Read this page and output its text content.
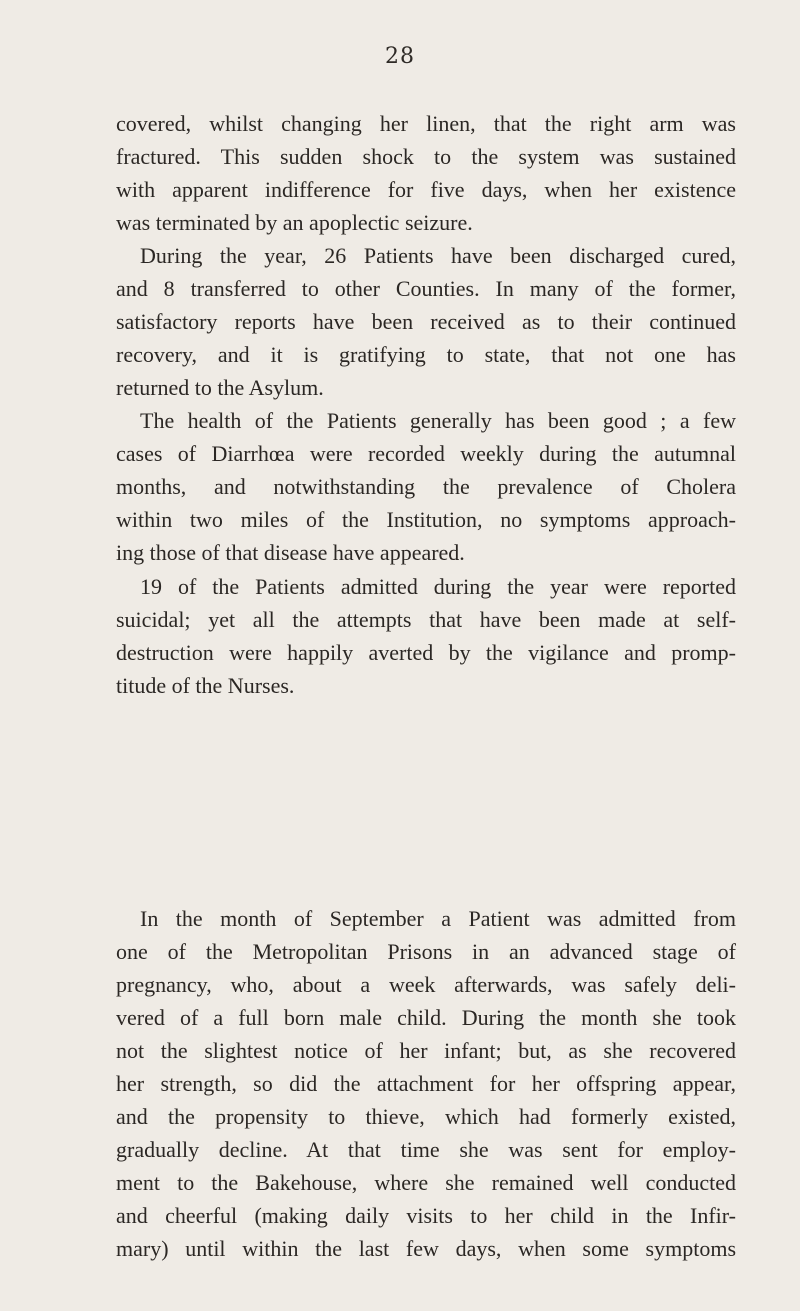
28
covered, whilst changing her linen, that the right arm was
fractured. This sudden shock to the system was sustained
with apparent indifference for five days, when her existence
was terminated by an apoplectic seizure.
During the year, 26 Patients have been discharged cured,
and 8 transferred to other Counties. In many of the former,
satisfactory reports have been received as to their continued
recovery, and it is gratifying to state, that not one has
returned to the Asylum.
The health of the Patients generally has been good ; a few
cases of Diarrhœa were recorded weekly during the autumnal
months, and notwithstanding the prevalence of Cholera
within two miles of the Institution, no symptoms approach-
ing those of that disease have appeared.
19 of the Patients admitted during the year were reported
suicidal; yet all the attempts that have been made at self-
destruction were happily averted by the vigilance and promp-
titude of the Nurses.
In the month of September a Patient was admitted from
one of the Metropolitan Prisons in an advanced stage of
pregnancy, who, about a week afterwards, was safely deli-
vered of a full born male child. During the month she took
not the slightest notice of her infant; but, as she recovered
her strength, so did the attachment for her offspring appear,
and the propensity to thieve, which had formerly existed,
gradually decline. At that time she was sent for employ-
ment to the Bakehouse, where she remained well conducted
and cheerful (making daily visits to her child in the Infir-
mary) until within the last few days, when some symptoms
